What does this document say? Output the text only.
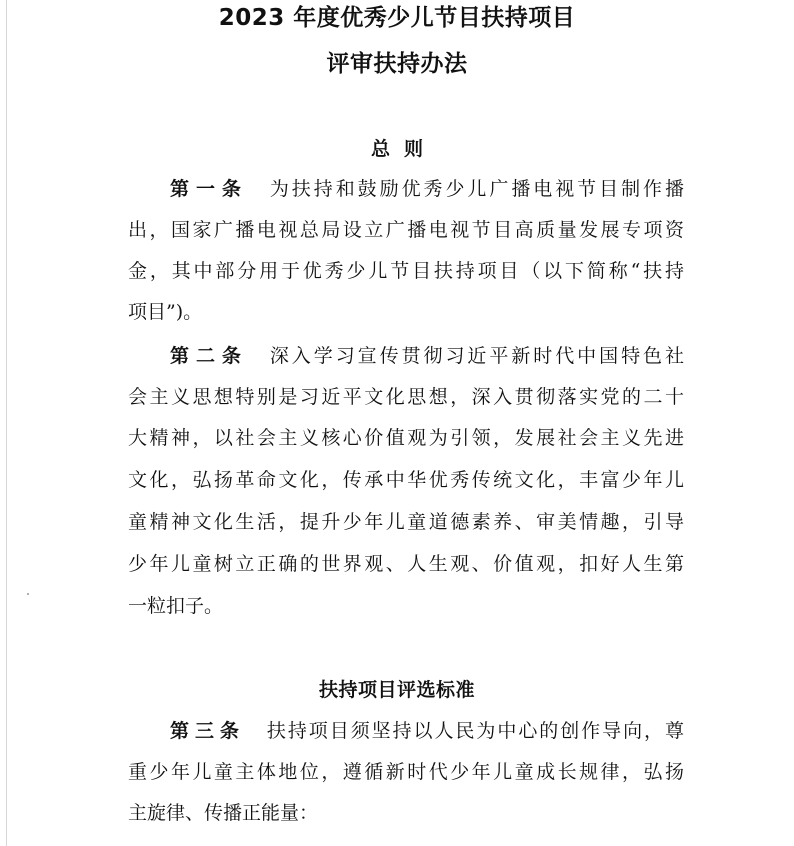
2023 年度优秀少儿节目扶持项目
评审扶持办法
总则
第一条 为扶持和鼓励优秀少儿广播电视节目制作播
出，国家广播电视总局设立广播电视节目高质量发展专项资
金，其中部分用于优秀少儿节目扶持项目（以下简称“扶持
项目”)。
第二条 深入学习宣传贯彻习近平新时代中国特色社
会主义思想特别是习近平文化思想，深入贯彻落实党的二十
大精神，以社会主义核心价值观为引领，发展社会主义先进
文化，弘扬革命文化，传承中华优秀传统文化，丰富少年儿
童精神文化生活，提升少年儿童道德素养、审美情趣，引导
少年儿童树立正确的世界观、人生观、价值观，扣好人生第
一粒扣子。
扶持项目评选标准
第三条 扶持项目须坚持以人民为中心的创作导向，尊
重少年儿童主体地位，遵循新时代少年儿童成长规律，弘扬
主旋律、传播正能量：
